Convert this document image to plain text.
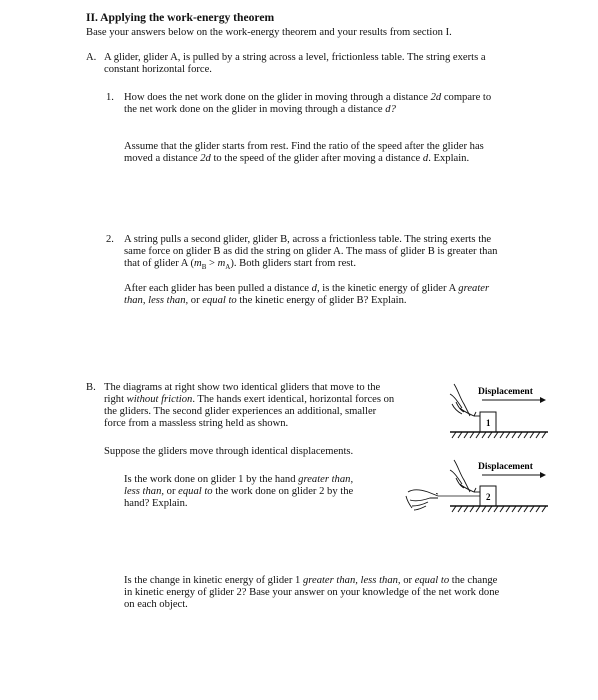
II. Applying the work-energy theorem
Base your answers below on the work-energy theorem and your results from section I.
A. A glider, glider A, is pulled by a string across a level, frictionless table. The string exerts a
constant horizontal force.
1. How does the net work done on the glider in moving through a distance 2d compare to
the net work done on the glider in moving through a distance d?
Assume that the glider starts from rest. Find the ratio of the speed after the glider has
moved a distance 2d to the speed of the glider after moving a distance d. Explain.
2. A string pulls a second glider, glider B, across a frictionless table. The string exerts the
same force on glider B as did the string on glider A. The mass of glider B is greater than
that of glider A $(m_B > m_A)$. Both gliders start from rest.
After each glider has been pulled a distance d, is the kinetic energy of glider A greater
than, less than, or equal to the kinetic energy of glider B? Explain.
B. The diagrams at right show two identical gliders that move to the
right without friction. The hands exert identical, horizontal forces on
the gliders. The second glider experiences an additional, smaller
force from a massless string held as shown.
Suppose the gliders move through identical displacements.
Is the work done on glider 1 by the hand greater than,
less than, or equal to the work done on glider 2 by the
hand? Explain.
Is the change in kinetic energy of glider 1 greater than, less than, or equal to the change
in kinetic energy of glider 2? Base your answer on your knowledge of the net work done
on each object.
Displacement
1
Displacement
2
